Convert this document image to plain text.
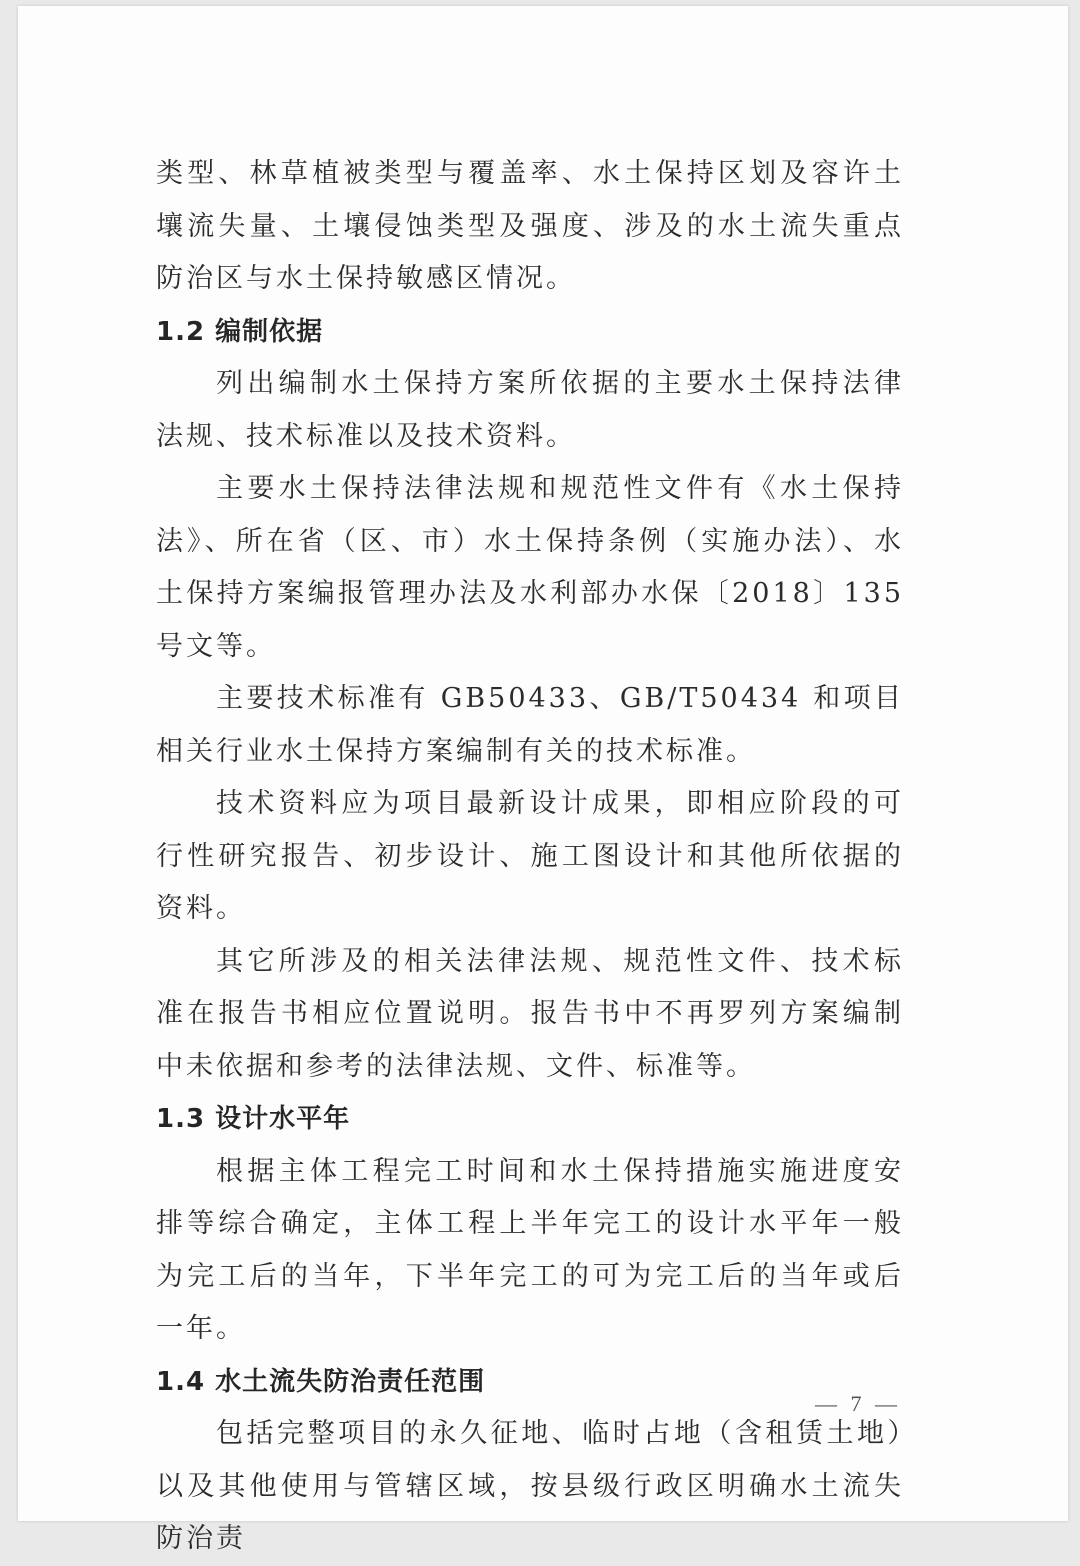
类型、林草植被类型与覆盖率、水土保持区划及容许土壤流失量、土壤侵蚀类型及强度、涉及的水土流失重点防治区与水土保持敏感区情况。

1.2 编制依据

列出编制水土保持方案所依据的主要水土保持法律法规、技术标准以及技术资料。

主要水土保持法律法规和规范性文件有《水土保持法》、所在省（区、市）水土保持条例（实施办法）、水土保持方案编报管理办法及水利部办水保〔2018〕135 号文等。

主要技术标准有 GB50433、GB/T50434 和项目相关行业水土保持方案编制有关的技术标准。

技术资料应为项目最新设计成果，即相应阶段的可行性研究报告、初步设计、施工图设计和其他所依据的资料。

其它所涉及的相关法律法规、规范性文件、技术标准在报告书相应位置说明。报告书中不再罗列方案编制中未依据和参考的法律法规、文件、标准等。

1.3 设计水平年

根据主体工程完工时间和水土保持措施实施进度安排等综合确定，主体工程上半年完工的设计水平年一般为完工后的当年，下半年完工的可为完工后的当年或后一年。

1.4 水土流失防治责任范围

包括完整项目的永久征地、临时占地（含租赁土地）以及其他使用与管辖区域，按县级行政区明确水土流失防治责

— 7 —
